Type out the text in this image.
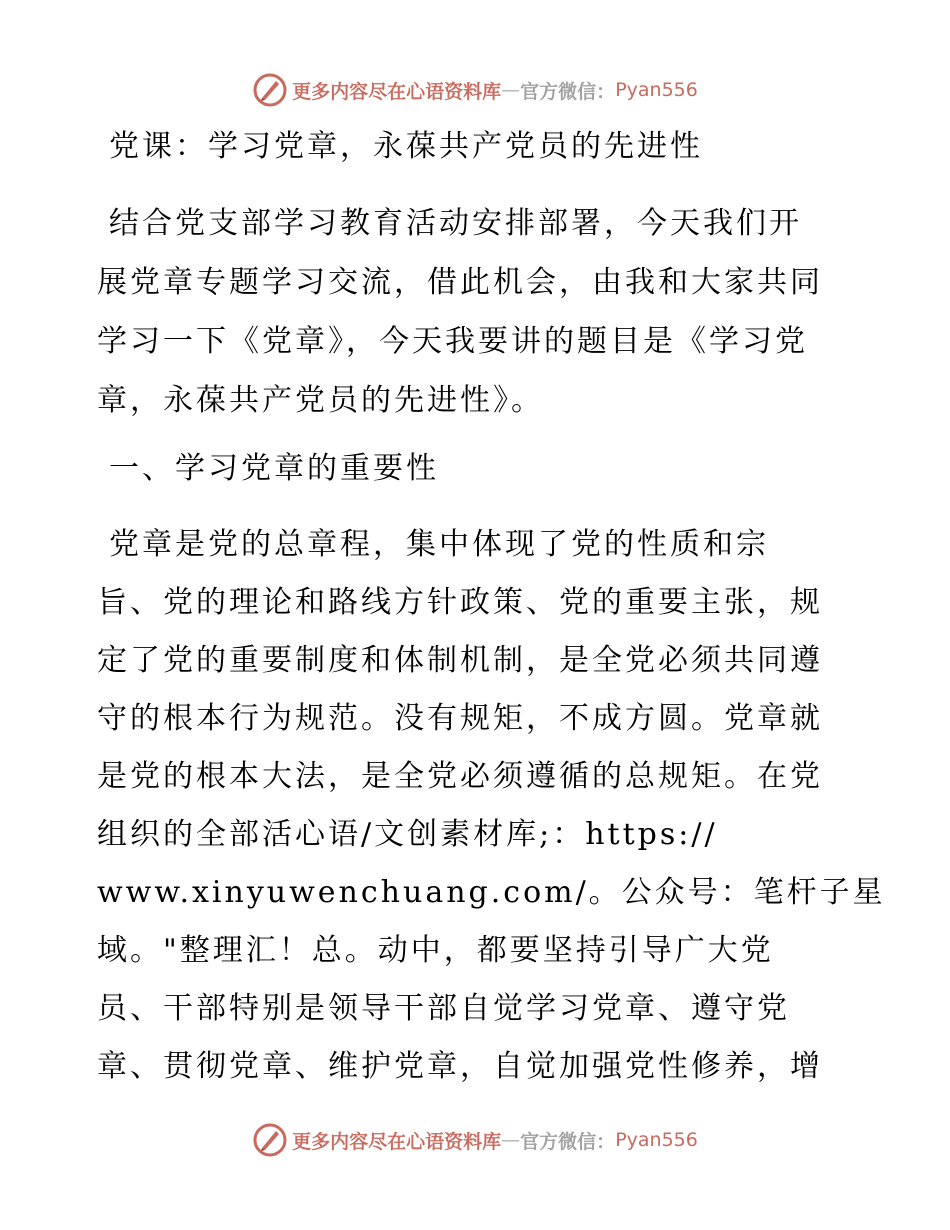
更多内容尽在心语资料库 — 官方微信： Pyan556

党课：学习党章，永葆共产党员的先进性

结合党支部学习教育活动安排部署，今天我们开
展党章专题学习交流，借此机会，由我和大家共同
学习一下《党章》，今天我要讲的题目是《学习党
章，永葆共产党员的先进性》。

一、学习党章的重要性

党章是党的总章程，集中体现了党的性质和宗
旨、党的理论和路线方针政策、党的重要主张，规
定了党的重要制度和体制机制，是全党必须共同遵
守的根本行为规范。没有规矩，不成方圆。党章就
是党的根本大法，是全党必须遵循的总规矩。在党
组织的全部活心语/文创素材库;：https://
www.xinyuwenchuang.com/。公众号：笔杆子星
域。"整理汇！总。动中，都要坚持引导广大党
员、干部特别是领导干部自觉学习党章、遵守党
章、贯彻党章、维护党章，自觉加强党性修养，增

更多内容尽在心语资料库 — 官方微信： Pyan556
